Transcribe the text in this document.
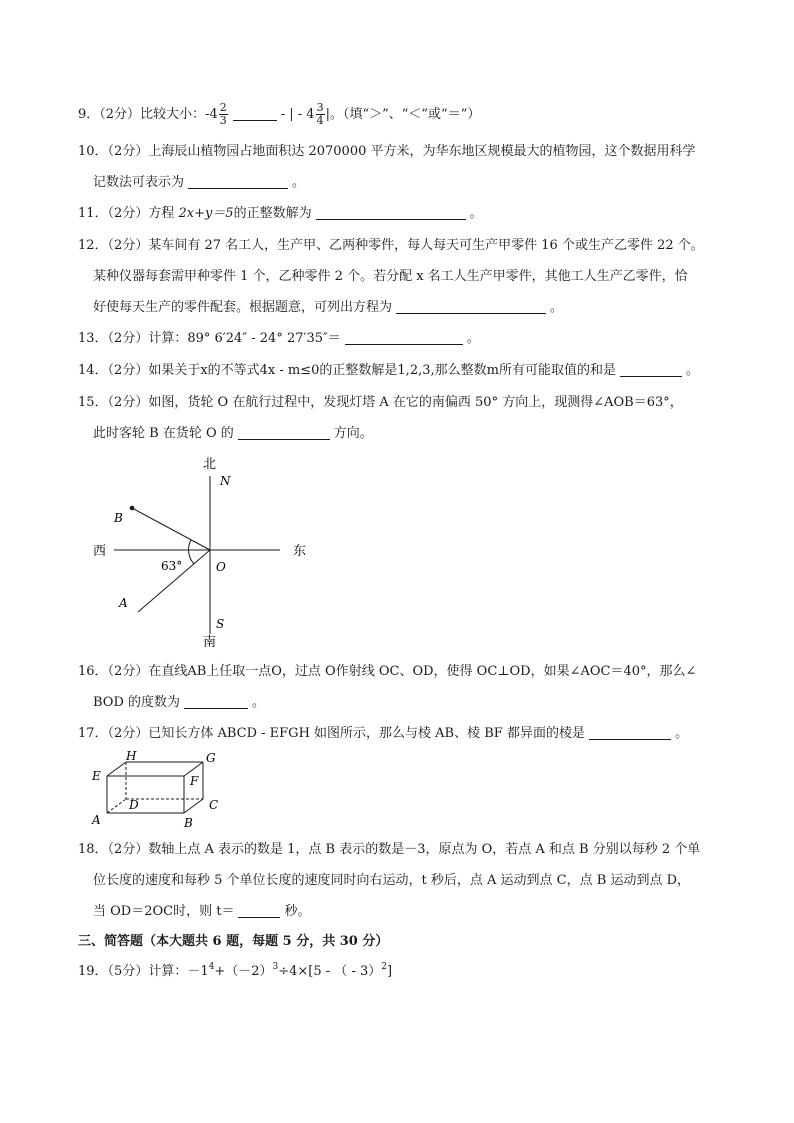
9．（2分）比较大小：$-4 \frac{2}{3}$	- | - $4 \frac{3}{4}$ |。（填“＞”、“＜”或“＝”）
10．（2分）上海辰山植物园占地面积达 2070000 平方米，为华东地区规模最大的植物园，这个数据用科学
记数法可表示为	。
11．（2分）方程 2x+y＝5的正整数解为	。
12．（2分）某车间有 27 名工人，生产甲、乙两种零件，每人每天可生产甲零件 16 个或生产乙零件 22 个。
某种仪器每套需甲种零件 1 个，乙种零件 2 个。若分配 x 名工人生产甲零件，其他工人生产乙零件，恰
好使每天生产的零件配套。根据题意，可列出方程为	。
13．（2分）计算：89° 6′24″ - 24° 27′35″＝	。
14．（2分）如果关于x的不等式4x - m≤0的正整数解是1,2,3,那么整数m所有可能取值的和是	。
15．（2分）如图，货轮 O 在航行过程中，发现灯塔 A 在它的南偏西 50° 方向上，现测得∠AOB＝63°，
此时客轮 B 在货轮 O 的	方向。
北
N
西	东
B
63°	O
A
S
南
16．（2分）在直线AB上任取一点O，过点 O作射线 OC、OD，使得 OC⊥OD，如果∠AOC＝40°，那么∠
BOD 的度数为	。
17．（2分）已知长方体 ABCD - EFGH 如图所示，那么与棱 AB、棱 BF 都异面的棱是	。
H	G
E	F
D	C
A	B
18．（2分）数轴上点 A 表示的数是 1，点 B 表示的数是－3，原点为 O，若点 A 和点 B 分别以每秒 2 个单
位长度的速度和每秒 5 个单位长度的速度同时向右运动，t 秒后，点 A 运动到点 C，点 B 运动到点 D，
当 OD＝2OC时，则 t＝	秒。
三、简答题（本大题共 6 题，每题 5 分，共 30 分）
19．（5分）计算：$-1^4+(-2)^3\div 4\times[5$ - （ - 3）$^2$]
